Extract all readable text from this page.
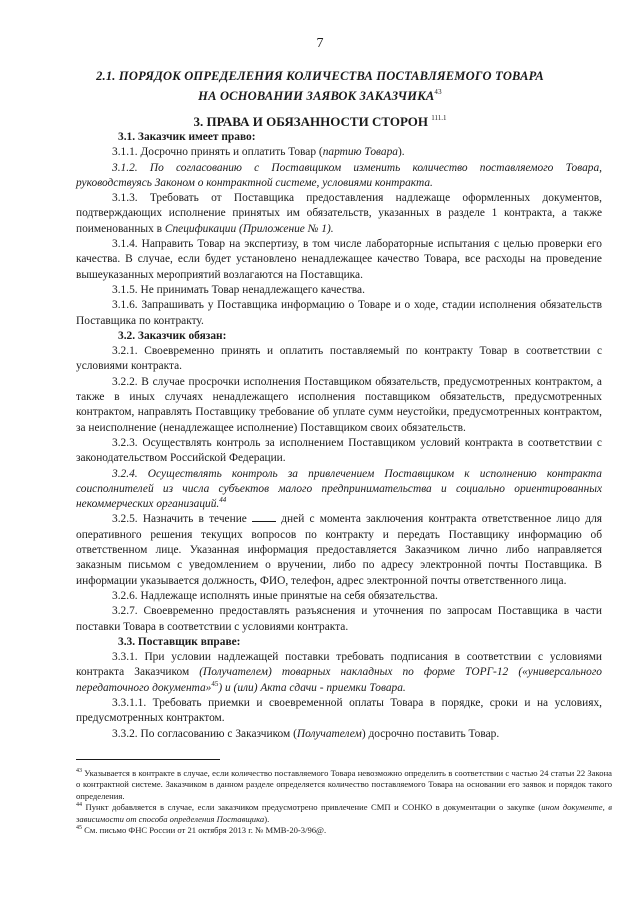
7
2.1. ПОРЯДОК ОПРЕДЕЛЕНИЯ КОЛИЧЕСТВА ПОСТАВЛЯЕМОГО ТОВАРА
НА ОСНОВАНИИ ЗАЯВОК ЗАКАЗЧИКА$^{43}$
3. ПРАВА И ОБЯЗАННОСТИ СТОРОН $^{111.1}$

3.1. Заказчик имеет право:

3.1.1. Досрочно принять и оплатить Товар (партию Товара).

3.1.2. По согласованию с Поставщиком изменить количество поставляемого Товара, руководствуясь Законом о контрактной системе, условиями контракта.

3.1.3. Требовать от Поставщика предоставления надлежаще оформленных документов, подтверждающих исполнение принятых им обязательств, указанных в разделе 1 контракта, а также поименованных в Спецификации (Приложение № 1).

3.1.4. Направить Товар на экспертизу, в том числе лабораторные испытания с целью проверки его качества. В случае, если будет установлено ненадлежащее качество Товара, все расходы на проведение вышеуказанных мероприятий возлагаются на Поставщика.

3.1.5. Не принимать Товар ненадлежащего качества.

3.1.6. Запрашивать у Поставщика информацию о Товаре и о ходе, стадии исполнения обязательств Поставщика по контракту.

3.2. Заказчик обязан:

3.2.1. Своевременно принять и оплатить поставляемый по контракту Товар в соответствии с условиями контракта.

3.2.2. В случае просрочки исполнения Поставщиком обязательств, предусмотренных контрактом, а также в иных случаях ненадлежащего исполнения поставщиком обязательств, предусмотренных контрактом, направлять Поставщику требование об уплате сумм неустойки, предусмотренных контрактом, за неисполнение (ненадлежащее исполнение) Поставщиком своих обязательств.

3.2.3. Осуществлять контроль за исполнением Поставщиком условий контракта в соответствии с законодательством Российской Федерации.

3.2.4. Осуществлять контроль за привлечением Поставщиком к исполнению контракта соисполнителей из числа субъектов малого предпринимательства и социально ориентированных некоммерческих организаций.$^{44}$

3.2.5. Назначить в течение  дней с момента заключения контракта ответственное лицо для оперативного решения текущих вопросов по контракту и передать Поставщику информацию об ответственном лице. Указанная информация предоставляется Заказчиком лично либо направляется заказным письмом с уведомлением о вручении, либо по адресу электронной почты Поставщика. В информации указывается должность, ФИО, телефон, адрес электронной почты ответственного лица.

3.2.6. Надлежаще исполнять иные принятые на себя обязательства.

3.2.7. Своевременно предоставлять разъяснения и уточнения по запросам Поставщика в части поставки Товара в соответствии с условиями контракта.

3.3. Поставщик вправе:

3.3.1. При условии надлежащей поставки требовать подписания в соответствии с условиями контракта Заказчиком (Получателем) товарных накладных по форме ТОРГ-12 («универсального передаточного документа»$^{45}$) и (или) Акта сдачи - приемки Товара.

3.3.1.1. Требовать приемки и своевременной оплаты Товара в порядке, сроки и на условиях, предусмотренных контрактом.

3.3.2. По согласованию с Заказчиком (Получателем) досрочно поставить Товар.

$^{43}$ Указывается в контракте в случае, если количество поставляемого Товара невозможно определить в соответствии с частью 24 статьи 22 Закона о контрактной системе. Заказчиком в данном разделе определяется количество поставляемого Товара на основании его заявок и порядок такого определения.

$^{44}$ Пункт добавляется в случае, если заказчиком предусмотрено привлечение СМП и СОНКО в документации о закупке (ином документе, в зависимости от способа определения Поставщика).

$^{45}$ См. письмо ФНС России от 21 октября 2013 г. № ММВ-20-3/96@.
